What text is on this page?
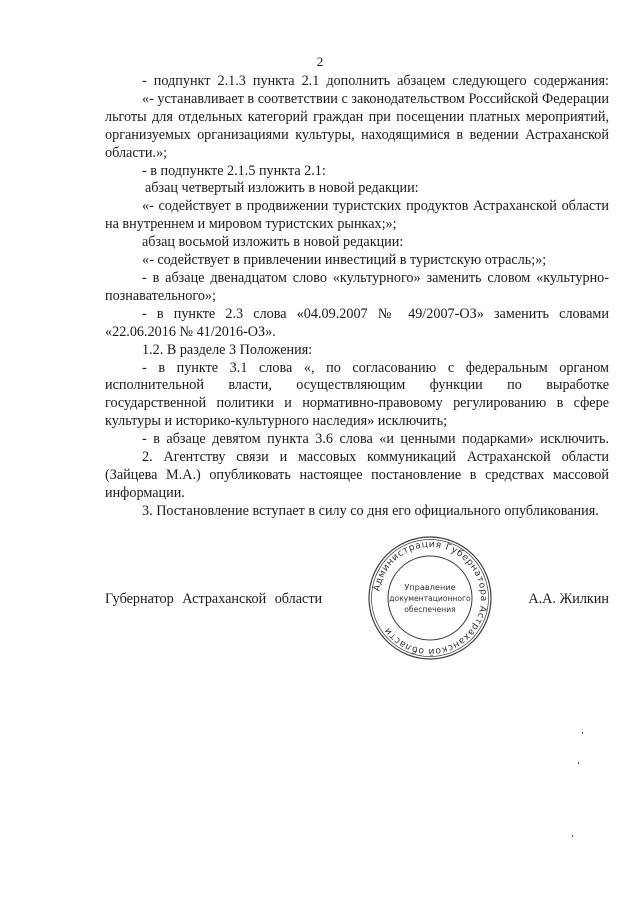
2

- подпункт 2.1.3 пункта 2.1 дополнить абзацем следующего содержания:

«- устанавливает в соответствии с законодательством Российской Федерации льготы для отдельных категорий граждан при посещении платных мероприятий, организуемых организациями культуры, находящимися в ведении Астраханской области.»;

- в подпункте 2.1.5 пункта 2.1:

абзац четвертый изложить в новой редакции:

«- содействует в продвижении туристских продуктов Астраханской области на внутреннем и мировом туристских рынках;»;

абзац восьмой изложить в новой редакции:

«- содействует в привлечении инвестиций в туристскую отрасль;»;

- в абзаце двенадцатом слово «культурного» заменить словом «культурно-познавательного»;

- в пункте 2.3 слова «04.09.2007 № 49/2007-ОЗ» заменить словами «22.06.2016 № 41/2016-ОЗ».

1.2. В разделе 3 Положения:

- в пункте 3.1 слова «, по согласованию с федеральным органом исполнительной власти, осуществляющим функции по выработке государственной политики и нормативно-правовому регулированию в сфере культуры и историко-культурного наследия» исключить;

- в абзаце девятом пункта 3.6 слова «и ценными подарками» исключить.

2. Агентству связи и массовых коммуникаций Астраханской области (Зайцева М.А.) опубликовать настоящее постановление в средствах массовой информации.

3. Постановление вступает в силу со дня его официального опубликования.

Губернатор Астраханской области	А.А. Жилкин
Администрация Губернатора Астраханской области
Управление
документационного
обеспечения
